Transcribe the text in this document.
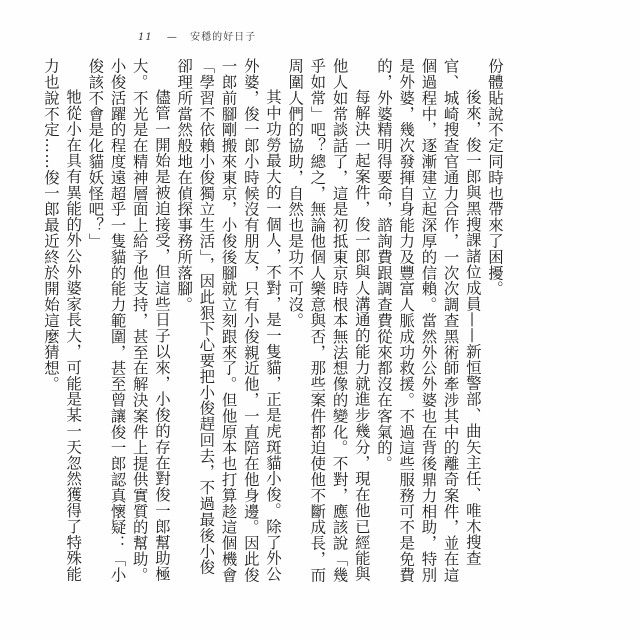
11 — 安穩的好日子

份體貼說不定同時也帶來了困擾。

後來，俊一郎與黑搜課諸位成員——新恒警部、曲矢主任、唯木搜查官、城崎搜查官通力合作，一次次調查黑術師牽涉其中的離奇案件，並在這個過程中，逐漸建立起深厚的信賴。當然外公外婆也在背後鼎力相助，特別是外婆，幾次發揮自身能力及豐富人脈成功救援。不過這些服務可不是免費的，外婆精明得要命，諮詢費跟調查費從來都沒在客氣的。

每解決一起案件，俊一郎與人溝通的能力就進步幾分，現在他已經能與他人如常談話了，這是初抵東京時根本無法想像的變化。不對，應該說「幾乎如常」吧？總之，無論他個人樂意與否，那些案件都迫使他不斷成長，而周圍人們的協助，自然也是功不可沒。

其中功勞最大的一個人，不對，是一隻貓，正是虎斑貓小俊。除了外公外婆，俊一郎小時候沒有朋友，只有小俊親近他，一直陪在他身邊。因此俊一郎前腳剛搬來東京，小俊後腳就立刻跟來了。但他原本也打算趁這個機會「學習不依賴小俊獨立生活」，因此狠下心要把小俊趕回去，不過最後小俊卻理所當然般地在偵探事務所落腳。

儘管一開始是被迫接受，但這些日子以來，小俊的存在對俊一郎幫助極大。不光是在精神層面上給予他支持，甚至在解決案件上提供實質的幫助。小俊活躍的程度遠超乎一隻貓的能力範圍，甚至曾讓俊一郎認真懷疑：「小俊該不會是化貓妖怪吧？」

牠從小在具有異能的外公外婆家長大，可能是某一天忽然獲得了特殊能力也說不定……俊一郎最近終於開始這麼猜想。
